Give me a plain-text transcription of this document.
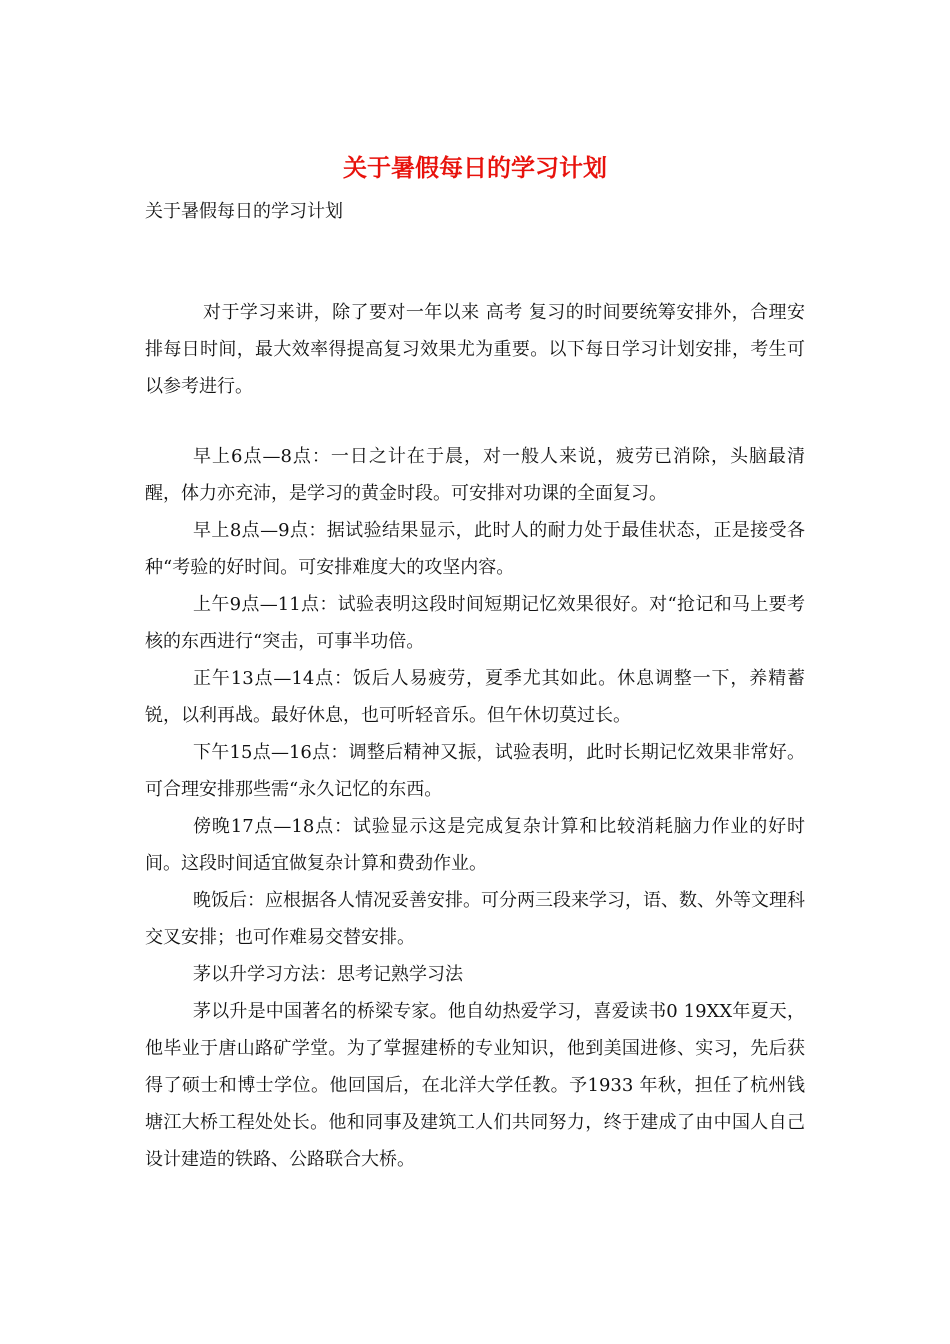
关于暑假每日的学习计划

关于暑假每日的学习计划

对于学习来讲，除了要对一年以来 高考 复习的时间要统筹安排外，合理安排每日时间，最大效率得提高复习效果尤为重要。以下每日学习计划安排，考生可以参考进行。

早上6点—8点：一日之计在于晨，对一般人来说，疲劳已消除，头脑最清醒，体力亦充沛，是学习的黄金时段。可安排对功课的全面复习。

早上8点—9点：据试验结果显示，此时人的耐力处于最佳状态，正是接受各种“考验的好时间。可安排难度大的攻坚内容。

上午9点—11点：试验表明这段时间短期记忆效果很好。对“抢记和马上要考核的东西进行“突击，可事半功倍。

正午13点—14点：饭后人易疲劳，夏季尤其如此。休息调整一下，养精蓄锐，以利再战。最好休息，也可听轻音乐。但午休切莫过长。

下午15点—16点：调整后精神又振，试验表明，此时长期记忆效果非常好。可合理安排那些需“永久记忆的东西。

傍晚17点—18点：试验显示这是完成复杂计算和比较消耗脑力作业的好时间。这段时间适宜做复杂计算和费劲作业。

晚饭后：应根据各人情况妥善安排。可分两三段来学习，语、数、外等文理科交叉安排；也可作难易交替安排。

茅以升学习方法：思考记熟学习法

茅以升是中国著名的桥梁专家。他自幼热爱学习，喜爱读书0 19XX年夏天，他毕业于唐山路矿学堂。为了掌握建桥的专业知识，他到美国进修、实习，先后获得了硕士和博士学位。他回国后，在北洋大学任教。予1933 年秋，担任了杭州钱塘江大桥工程处处长。他和同事及建筑工人们共同努力，终于建成了由中国人自己设计建造的铁路、公路联合大桥。
